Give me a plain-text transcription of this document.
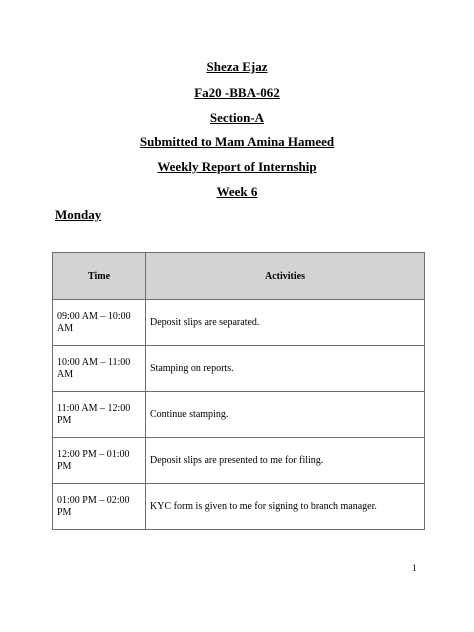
Sheza Ejaz
Fa20 -BBA-062
Section-A
Submitted to Mam Amina Hameed
Weekly Report of Internship
Week 6
Monday
Time	Activities
09:00 AM – 10:00 AM	Deposit slips are separated.
10:00 AM – 11:00 AM	Stamping on reports.
11:00 AM – 12:00 PM	Continue stamping.
12:00 PM – 01:00 PM	Deposit slips are presented to me for filing.
01:00 PM – 02:00 PM	KYC form is given to me for signing to branch manager.
1
